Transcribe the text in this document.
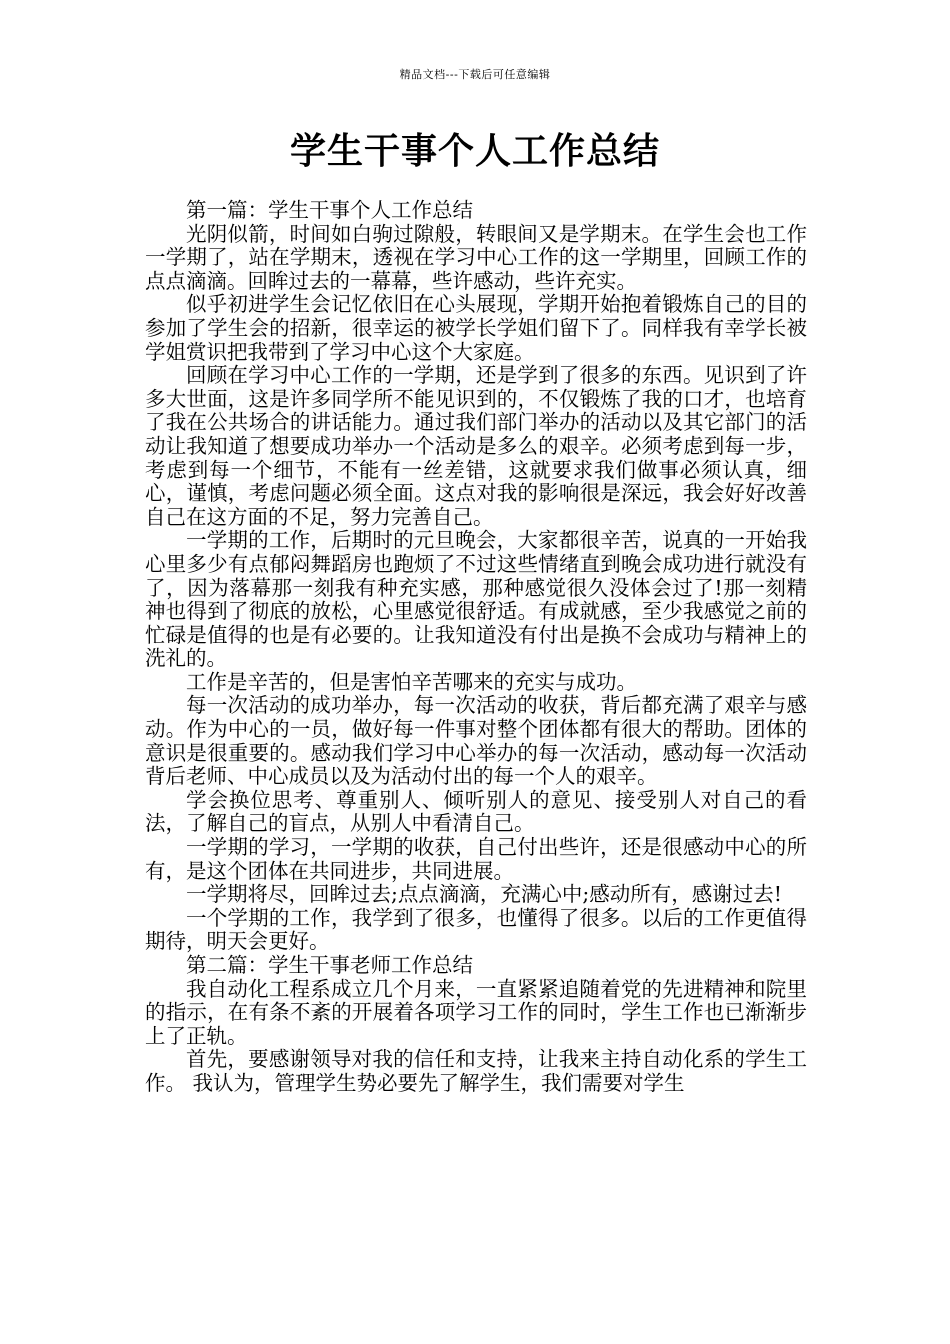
精品文档---下载后可任意编辑
学生干事个人工作总结

第一篇：学生干事个人工作总结

光阴似箭，时间如白驹过隙般，转眼间又是学期末。在学生会也工作一学期了，站在学期末，透视在学习中心工作的这一学期里，回顾工作的点点滴滴。回眸过去的一幕幕，些许感动，些许充实。

似乎初进学生会记忆依旧在心头展现，学期开始抱着锻炼自己的目的参加了学生会的招新，很幸运的被学长学姐们留下了。同样我有幸学长被学姐赏识把我带到了学习中心这个大家庭。

回顾在学习中心工作的一学期，还是学到了很多的东西。见识到了许多大世面，这是许多同学所不能见识到的，不仅锻炼了我的口才，也培育了我在公共场合的讲话能力。通过我们部门举办的活动以及其它部门的活动让我知道了想要成功举办一个活动是多么的艰辛。必须考虑到每一步，考虑到每一个细节，不能有一丝差错，这就要求我们做事必须认真，细心，谨慎，考虑问题必须全面。这点对我的影响很是深远，我会好好改善自己在这方面的不足，努力完善自己。

一学期的工作，后期时的元旦晚会，大家都很辛苦，说真的一开始我心里多少有点郁闷舞蹈房也跑烦了不过这些情绪直到晚会成功进行就没有了，因为落幕那一刻我有种充实感，那种感觉很久没体会过了!那一刻精神也得到了彻底的放松，心里感觉很舒适。有成就感，至少我感觉之前的忙碌是值得的也是有必要的。让我知道没有付出是换不会成功与精神上的洗礼的。

工作是辛苦的，但是害怕辛苦哪来的充实与成功。

每一次活动的成功举办，每一次活动的收获，背后都充满了艰辛与感动。作为中心的一员，做好每一件事对整个团体都有很大的帮助。团体的意识是很重要的。感动我们学习中心举办的每一次活动，感动每一次活动背后老师、中心成员以及为活动付出的每一个人的艰辛。

学会换位思考、尊重别人、倾听别人的意见、接受别人对自己的看法，了解自己的盲点，从别人中看清自己。

一学期的学习，一学期的收获，自己付出些许，还是很感动中心的所有，是这个团体在共同进步，共同进展。

一学期将尽，回眸过去;点点滴滴，充满心中;感动所有，感谢过去!

一个学期的工作，我学到了很多，也懂得了很多。以后的工作更值得期待，明天会更好。

第二篇：学生干事老师工作总结

我自动化工程系成立几个月来，一直紧紧追随着党的先进精神和院里的指示，在有条不紊的开展着各项学习工作的同时，学生工作也已渐渐步上了正轨。

首先，要感谢领导对我的信任和支持，让我来主持自动化系的学生工作。 我认为，管理学生势必要先了解学生，我们需要对学生
